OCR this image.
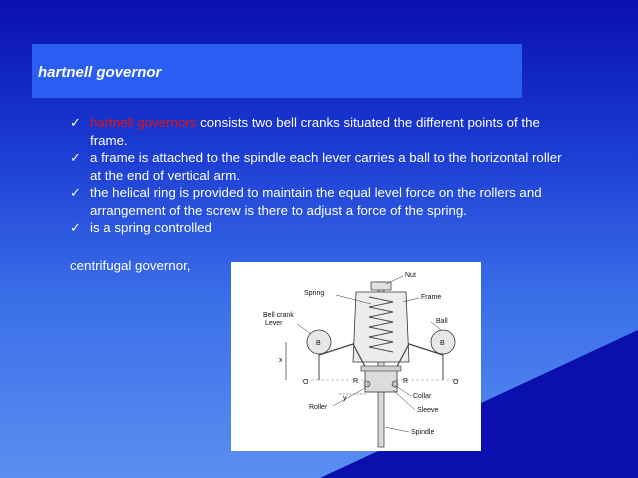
hartnell governor
✓ hartnell governors consists two bell cranks situated the different points of the frame.
✓ a frame is attached to the spindle each lever carries a ball to the horizontal roller at the end of vertical arm.
✓ the helical ring is provided to maintain the equal level force on the rollers and arrangement of the screw is there to adjust a force of the spring.
✓ is a spring controlled
centrifugal governor,
Nut
Spring
Frame
Bell crank
Lever	Ball
B	B
x
O	O
R	R
y	Collar
Roller	Sleeve
Spindle
